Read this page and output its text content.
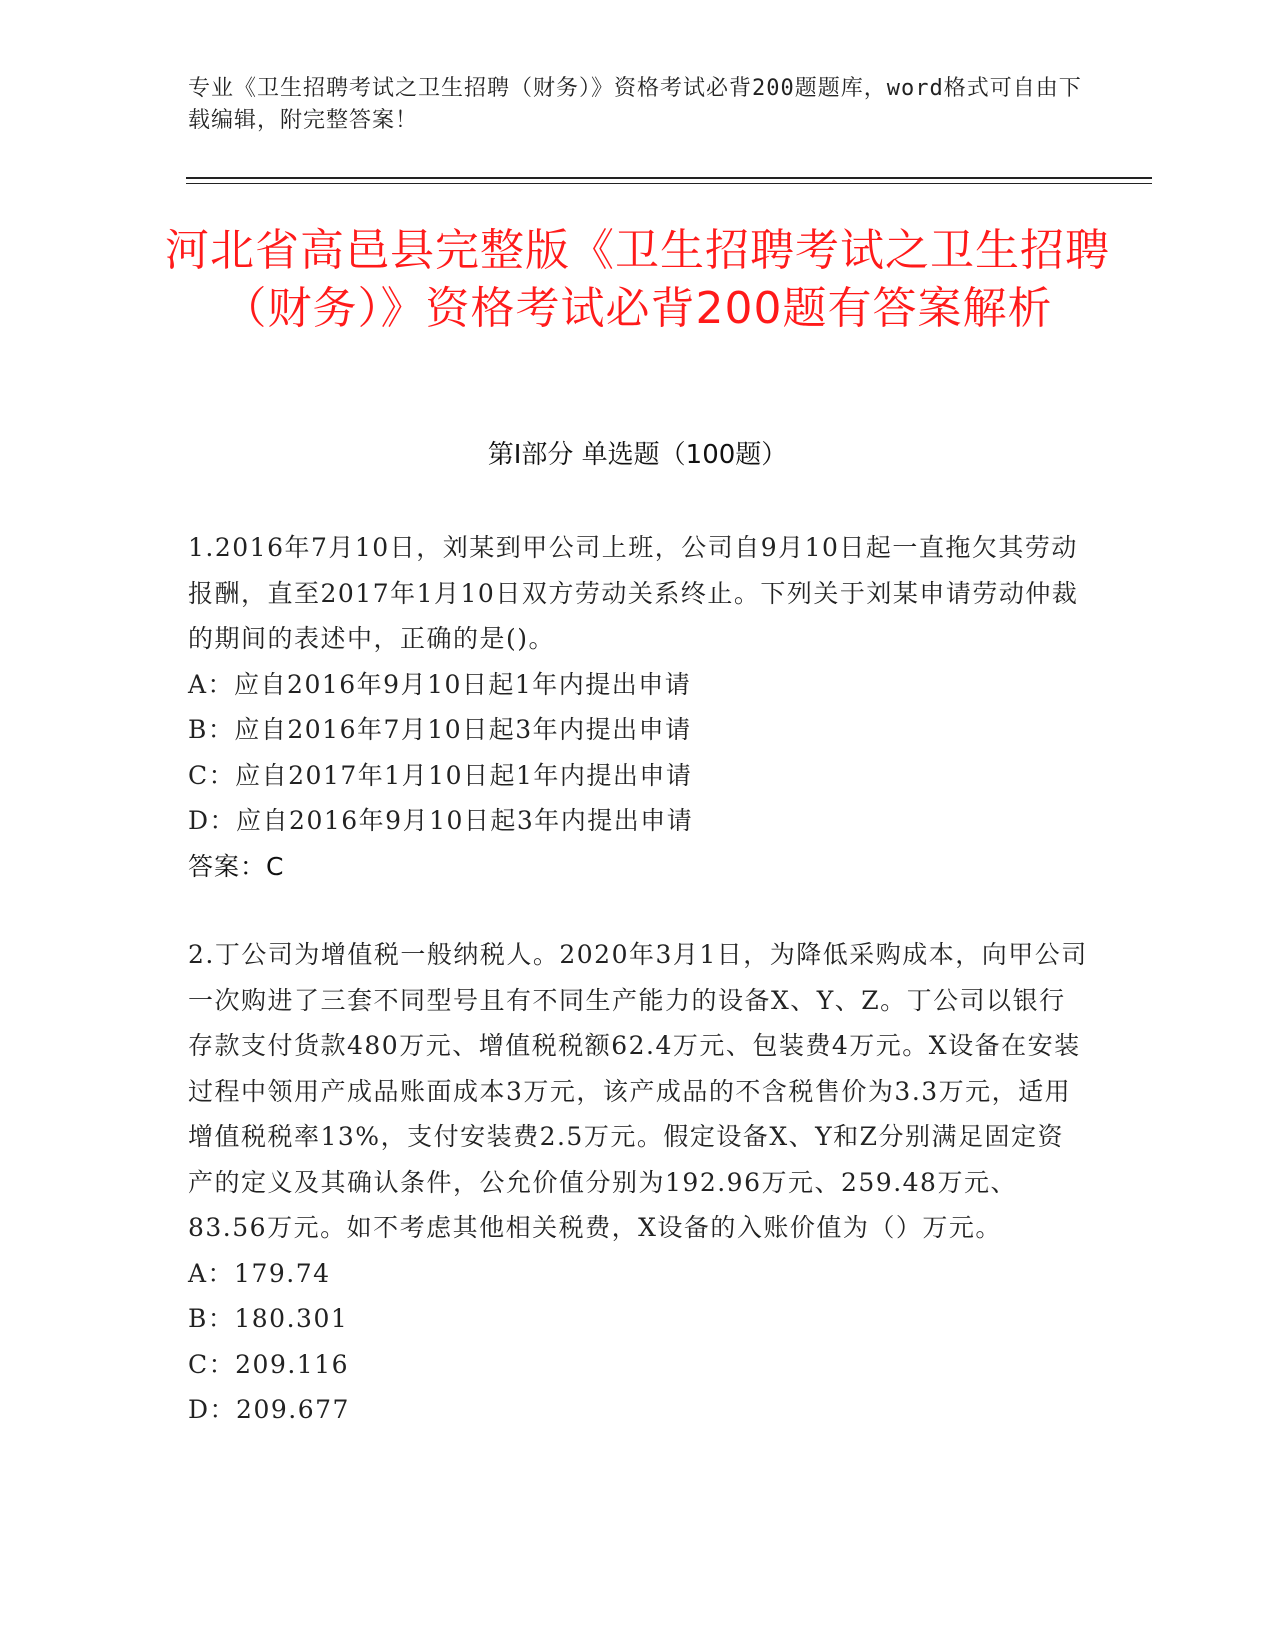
专业《卫生招聘考试之卫生招聘（财务）》资格考试必背200题题库，word格式可自由下载编辑，附完整答案！
河北省高邑县完整版《卫生招聘考试之卫生招聘（财务）》资格考试必背200题有答案解析
第Ⅰ部分 单选题（100题）

1.2016年7月10日，刘某到甲公司上班，公司自9月10日起一直拖欠其劳动报酬，直至2017年1月10日双方劳动关系终止。下列关于刘某申请劳动仲裁的期间的表述中，正确的是()。

A：应自2016年9月10日起1年内提出申请

B：应自2016年7月10日起3年内提出申请

C：应自2017年1月10日起1年内提出申请

D：应自2016年9月10日起3年内提出申请

答案：C

2.丁公司为增值税一般纳税人。2020年3月1日，为降低采购成本，向甲公司一次购进了三套不同型号且有不同生产能力的设备X、Y、Z。丁公司以银行存款支付货款480万元、增值税税额62.4万元、包装费4万元。X设备在安装过程中领用产成品账面成本3万元，该产成品的不含税售价为3.3万元，适用增值税税率13%，支付安装费2.5万元。假定设备X、Y和Z分别满足固定资产的定义及其确认条件，公允价值分别为192.96万元、259.48万元、83.56万元。如不考虑其他相关税费，X设备的入账价值为（）万元。

A：179.74

B：180.301

C：209.116

D：209.677
